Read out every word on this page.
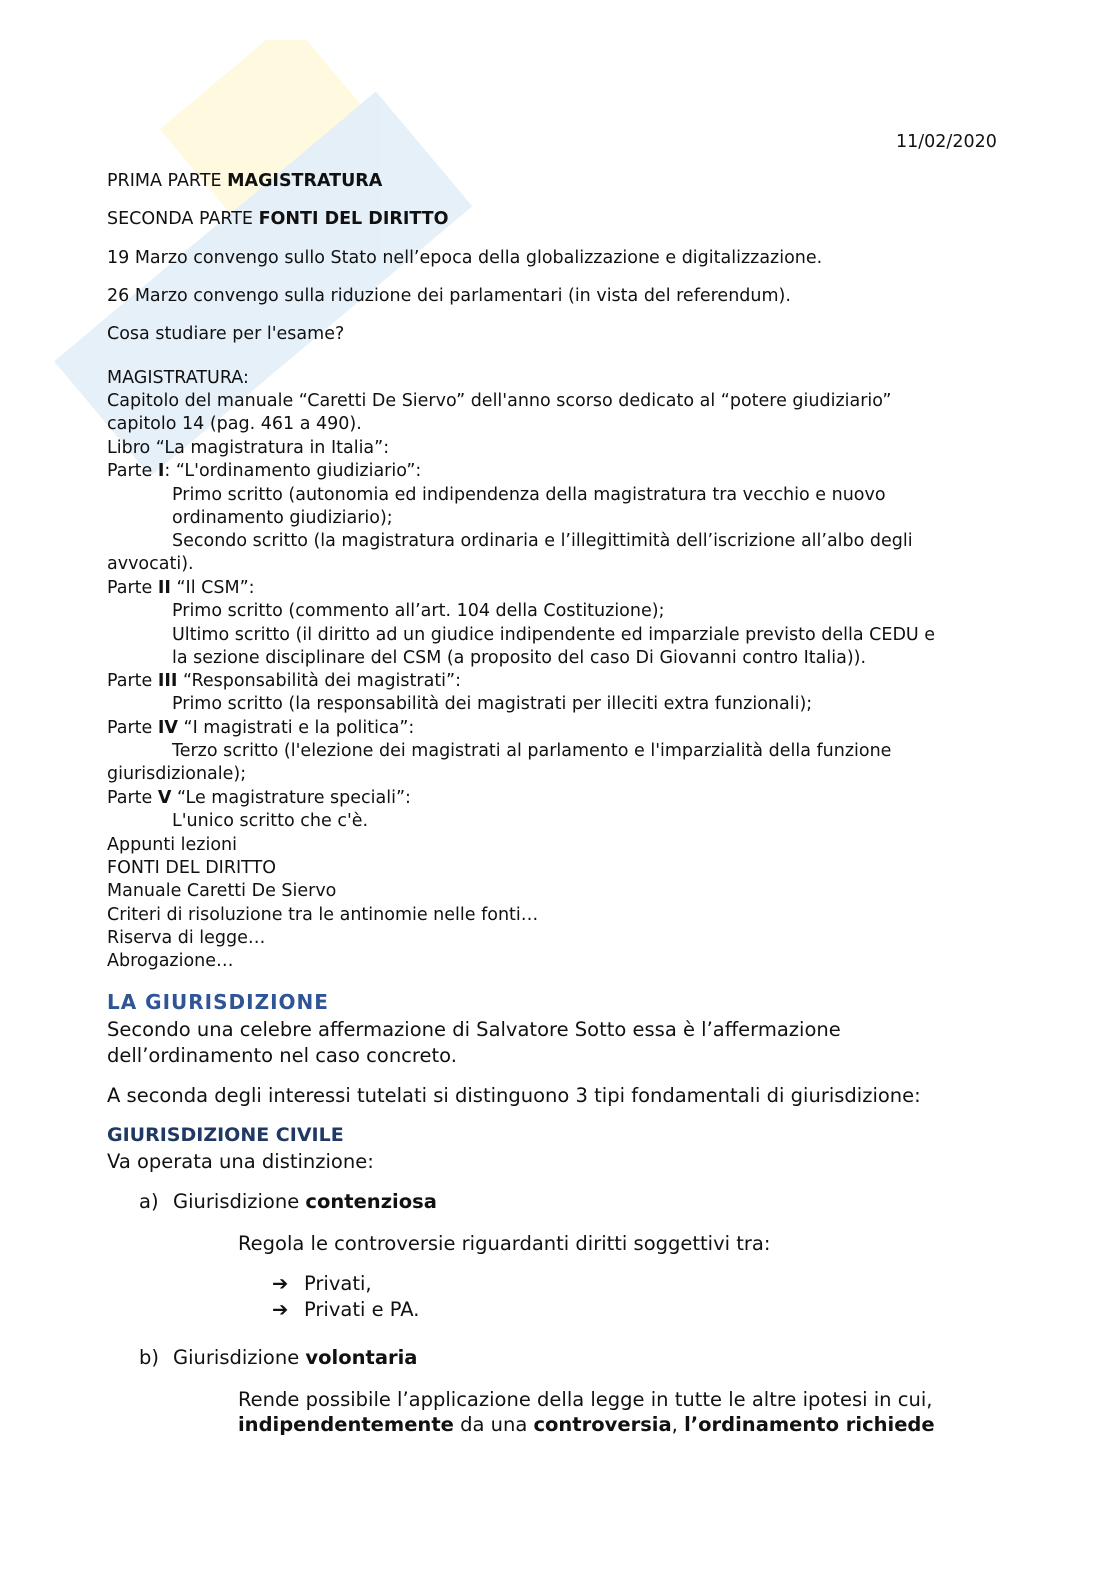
11/02/2020
PRIMA PARTE MAGISTRATURA
SECONDA PARTE FONTI DEL DIRITTO
19 Marzo convengo sullo Stato nell’epoca della globalizzazione e digitalizzazione.
26 Marzo convengo sulla riduzione dei parlamentari (in vista del referendum).
Cosa studiare per l'esame?
MAGISTRATURA:
Capitolo del manuale “Caretti De Siervo” dell'anno scorso dedicato al “potere giudiziario”
capitolo 14 (pag. 461 a 490).
Libro “La magistratura in Italia”:
Parte I: “L'ordinamento giudiziario”:
Primo scritto (autonomia ed indipendenza della magistratura tra vecchio e nuovo
ordinamento giudiziario);
Secondo scritto (la magistratura ordinaria e l’illegittimità dell’iscrizione all’albo degli
avvocati).
Parte II “Il CSM”:
Primo scritto (commento all’art. 104 della Costituzione);
Ultimo scritto (il diritto ad un giudice indipendente ed imparziale previsto della CEDU e
la sezione disciplinare del CSM (a proposito del caso Di Giovanni contro Italia)).
Parte III “Responsabilità dei magistrati”:
Primo scritto (la responsabilità dei magistrati per illeciti extra funzionali);
Parte IV “I magistrati e la politica”:
Terzo scritto (l'elezione dei magistrati al parlamento e l'imparzialità della funzione
giurisdizionale);
Parte V “Le magistrature speciali”:
L'unico scritto che c'è.
Appunti lezioni
FONTI DEL DIRITTO
Manuale Caretti De Siervo
Criteri di risoluzione tra le antinomie nelle fonti…
Riserva di legge…
Abrogazione…
LA GIURISDIZIONE
Secondo una celebre affermazione di Salvatore Sotto essa è l’affermazione
dell’ordinamento nel caso concreto.
A seconda degli interessi tutelati si distinguono 3 tipi fondamentali di giurisdizione:
GIURISDIZIONE CIVILE
Va operata una distinzione:
a) Giurisdizione contenziosa
Regola le controversie riguardanti diritti soggettivi tra:
➔ Privati,
➔ Privati e PA.
b) Giurisdizione volontaria
Rende possibile l’applicazione della legge in tutte le altre ipotesi in cui,
indipendentemente da una controversia, l’ordinamento richiede
